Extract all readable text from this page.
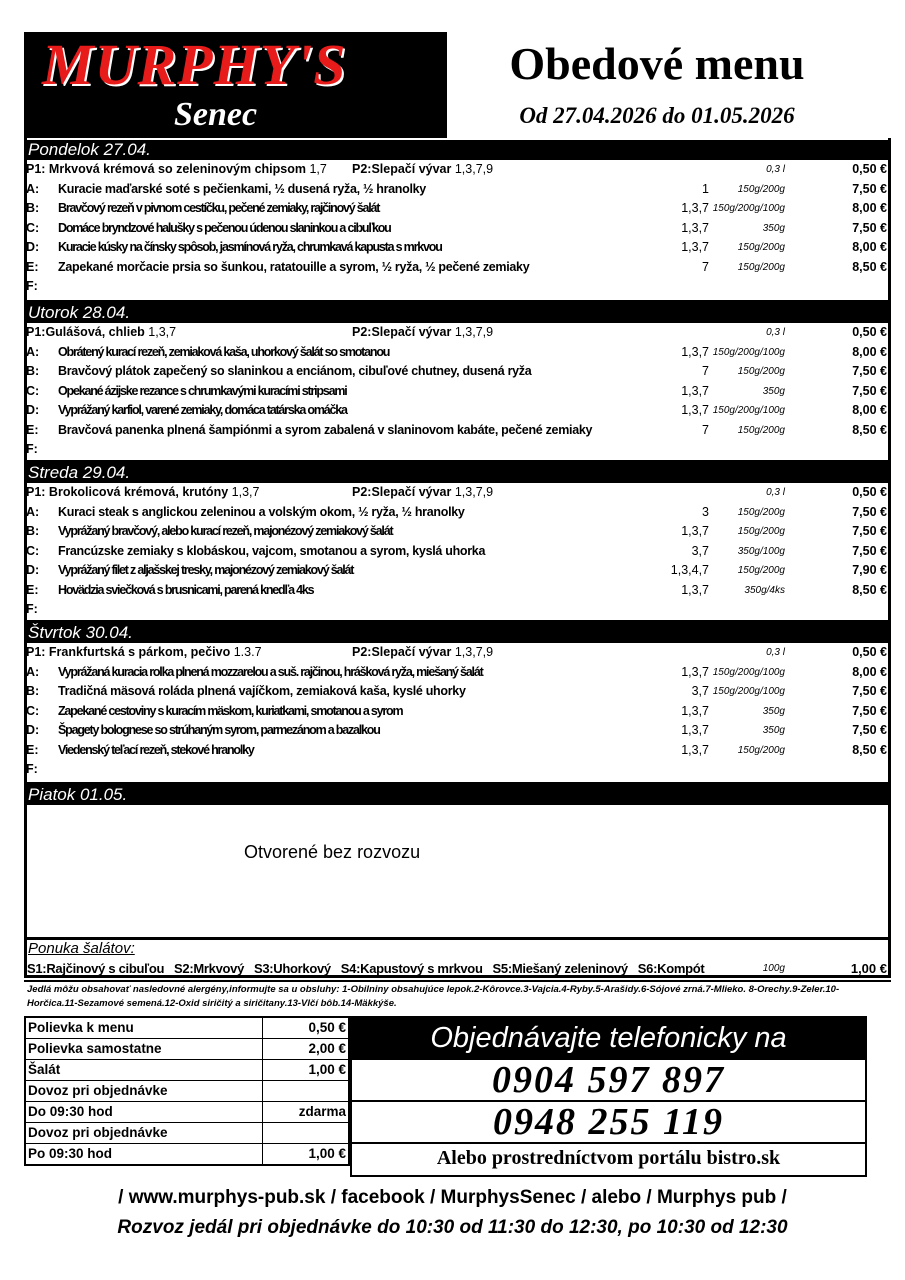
MURPHY'S
Senec
Obedové menu
Od 27.04.2026 do 01.05.2026
Pondelok 27.04.
P1: Mrkvová krémová so zeleninovým chipsom 1,7	P2:Slepačí vývar 1,3,7,9	0,3 l	0,50 €
A: Kuracie maďarské soté s pečienkami, ½ dusená ryža, ½ hranolky	1	150g/200g	7,50 €
B: Bravčový rezeň v pivnom cestíčku, pečené zemiaky, rajčinový šalát	1,3,7 150g/200g/100g	8,00 €
C: Domáce bryndzové halušky s pečenou údenou slaninkou a cibuľkou	1,3,7	350g	7,50 €
D: Kuracie kúsky na čínsky spôsob, jasmínová ryža, chrumkavá kapusta s mrkvou	1,3,7	150g/200g	8,00 €
E: Zapekané morčacie prsia so šunkou, ratatouille a syrom, ½ ryža, ½ pečené zemiaky	7	150g/200g	8,50 €
F:
Utorok 28.04.
P1:Gulášová, chlieb 1,3,7	P2:Slepačí vývar 1,3,7,9	0,3 l	0,50 €
A: Obrátený kurací rezeň, zemiaková kaša, uhorkový šalát so smotanou	1,3,7 150g/200g/100g	8,00 €
B: Bravčový plátok zapečený so slaninkou a enciánom, cibuľové chutney, dusená ryža	7	150g/200g	7,50 €
C: Opekané ázijske rezance s chrumkavými kuracími stripsami	1,3,7	350g	7,50 €
D: Vyprážaný karfiol, varené zemiaky, domáca tatárska omáčka	1,3,7 150g/200g/100g	8,00 €
E: Bravčová panenka plnená šampiónmi a syrom zabalená v slaninovom kabáte, pečené zemiaky	7	150g/200g	8,50 €
F:
Streda 29.04.
P1: Brokolicová krémová, krutóny 1,3,7	P2:Slepačí vývar 1,3,7,9	0,3 l	0,50 €
A: Kuraci steak s anglickou zeleninou a volským okom, ½ ryža, ½ hranolky	3	150g/200g	7,50 €
B: Vyprážaný bravčový, alebo kurací rezeň, majonézový zemiakový šalát	1,3,7	150g/200g	7,50 €
C: Francúzske zemiaky s klobáskou, vajcom, smotanou a syrom, kyslá uhorka	3,7	350g/100g	7,50 €
D: Vyprážaný filet z aljašskej tresky, majonézový zemiakový šalát	1,3,4,7	150g/200g	7,90 €
E: Hovädzia sviečková s brusnicami, parená knedľa 4ks	1,3,7	350g/4ks	8,50 €
F:
Štvrtok 30.04.
P1: Frankfurtská s párkom, pečivo 1.3.7	P2:Slepačí vývar 1,3,7,9	0,3 l	0,50 €
A: Vyprážaná kuracia rolka plnená mozzarelou a suš. rajčinou, hrášková ryža, miešaný šalát	1,3,7 150g/200g/100g	8,00 €
B: Tradičná mäsová roláda plnená vajíčkom, zemiaková kaša, kyslé uhorky	3,7 150g/200g/100g	7,50 €
C: Zapekané cestoviny s kuracím mäskom, kuriatkami, smotanou a syrom	1,3,7	350g	7,50 €
D: Špagety bolognese so strúhaným syrom, parmezánom a bazalkou	1,3,7	350g	7,50 €
E: Viedenský teľací rezeň, stekové hranolky	1,3,7	150g/200g	8,50 €
F:
Piatok 01.05.
Otvorené bez rozvozu
Ponuka šalátov:
S1:Rajčinový s cibuľou   S2:Mrkvový   S3:Uhorkový   S4:Kapustový s mrkvou   S5:Miešaný zeleninový   S6:Kompót	100g	1,00 €
Jedlá môžu obsahovať nasledovné alergény,informujte sa u obsluhy: 1-Obilniny obsahujúce lepok.2-Kôrovce.3-Vajcia.4-Ryby.5-Arašidy.6-Sójové zrná.7-Mlieko. 8-Orechy.9-Zeler.10-Horčica.11-Sezamové semená.12-Oxid siričitý a siričitany.13-Vlčí bôb.14-Mäkkýše.
Polievka k menu	0,50 €
Polievka samostatne	2,00 €
Šalát	1,00 €
Dovoz pri objednávke	
Do 09:30 hod	zdarma
Dovoz pri objednávke	
Po 09:30 hod	1,00 €
Objednávajte telefonicky na
0904 597 897
0948 255 119
Alebo prostredníctvom portálu bistro.sk
/ www.murphys-pub.sk / facebook / MurphysSenec / alebo / Murphys pub /
Rozvoz jedál pri objednávke do 10:30 od 11:30 do 12:30, po 10:30 od 12:30
